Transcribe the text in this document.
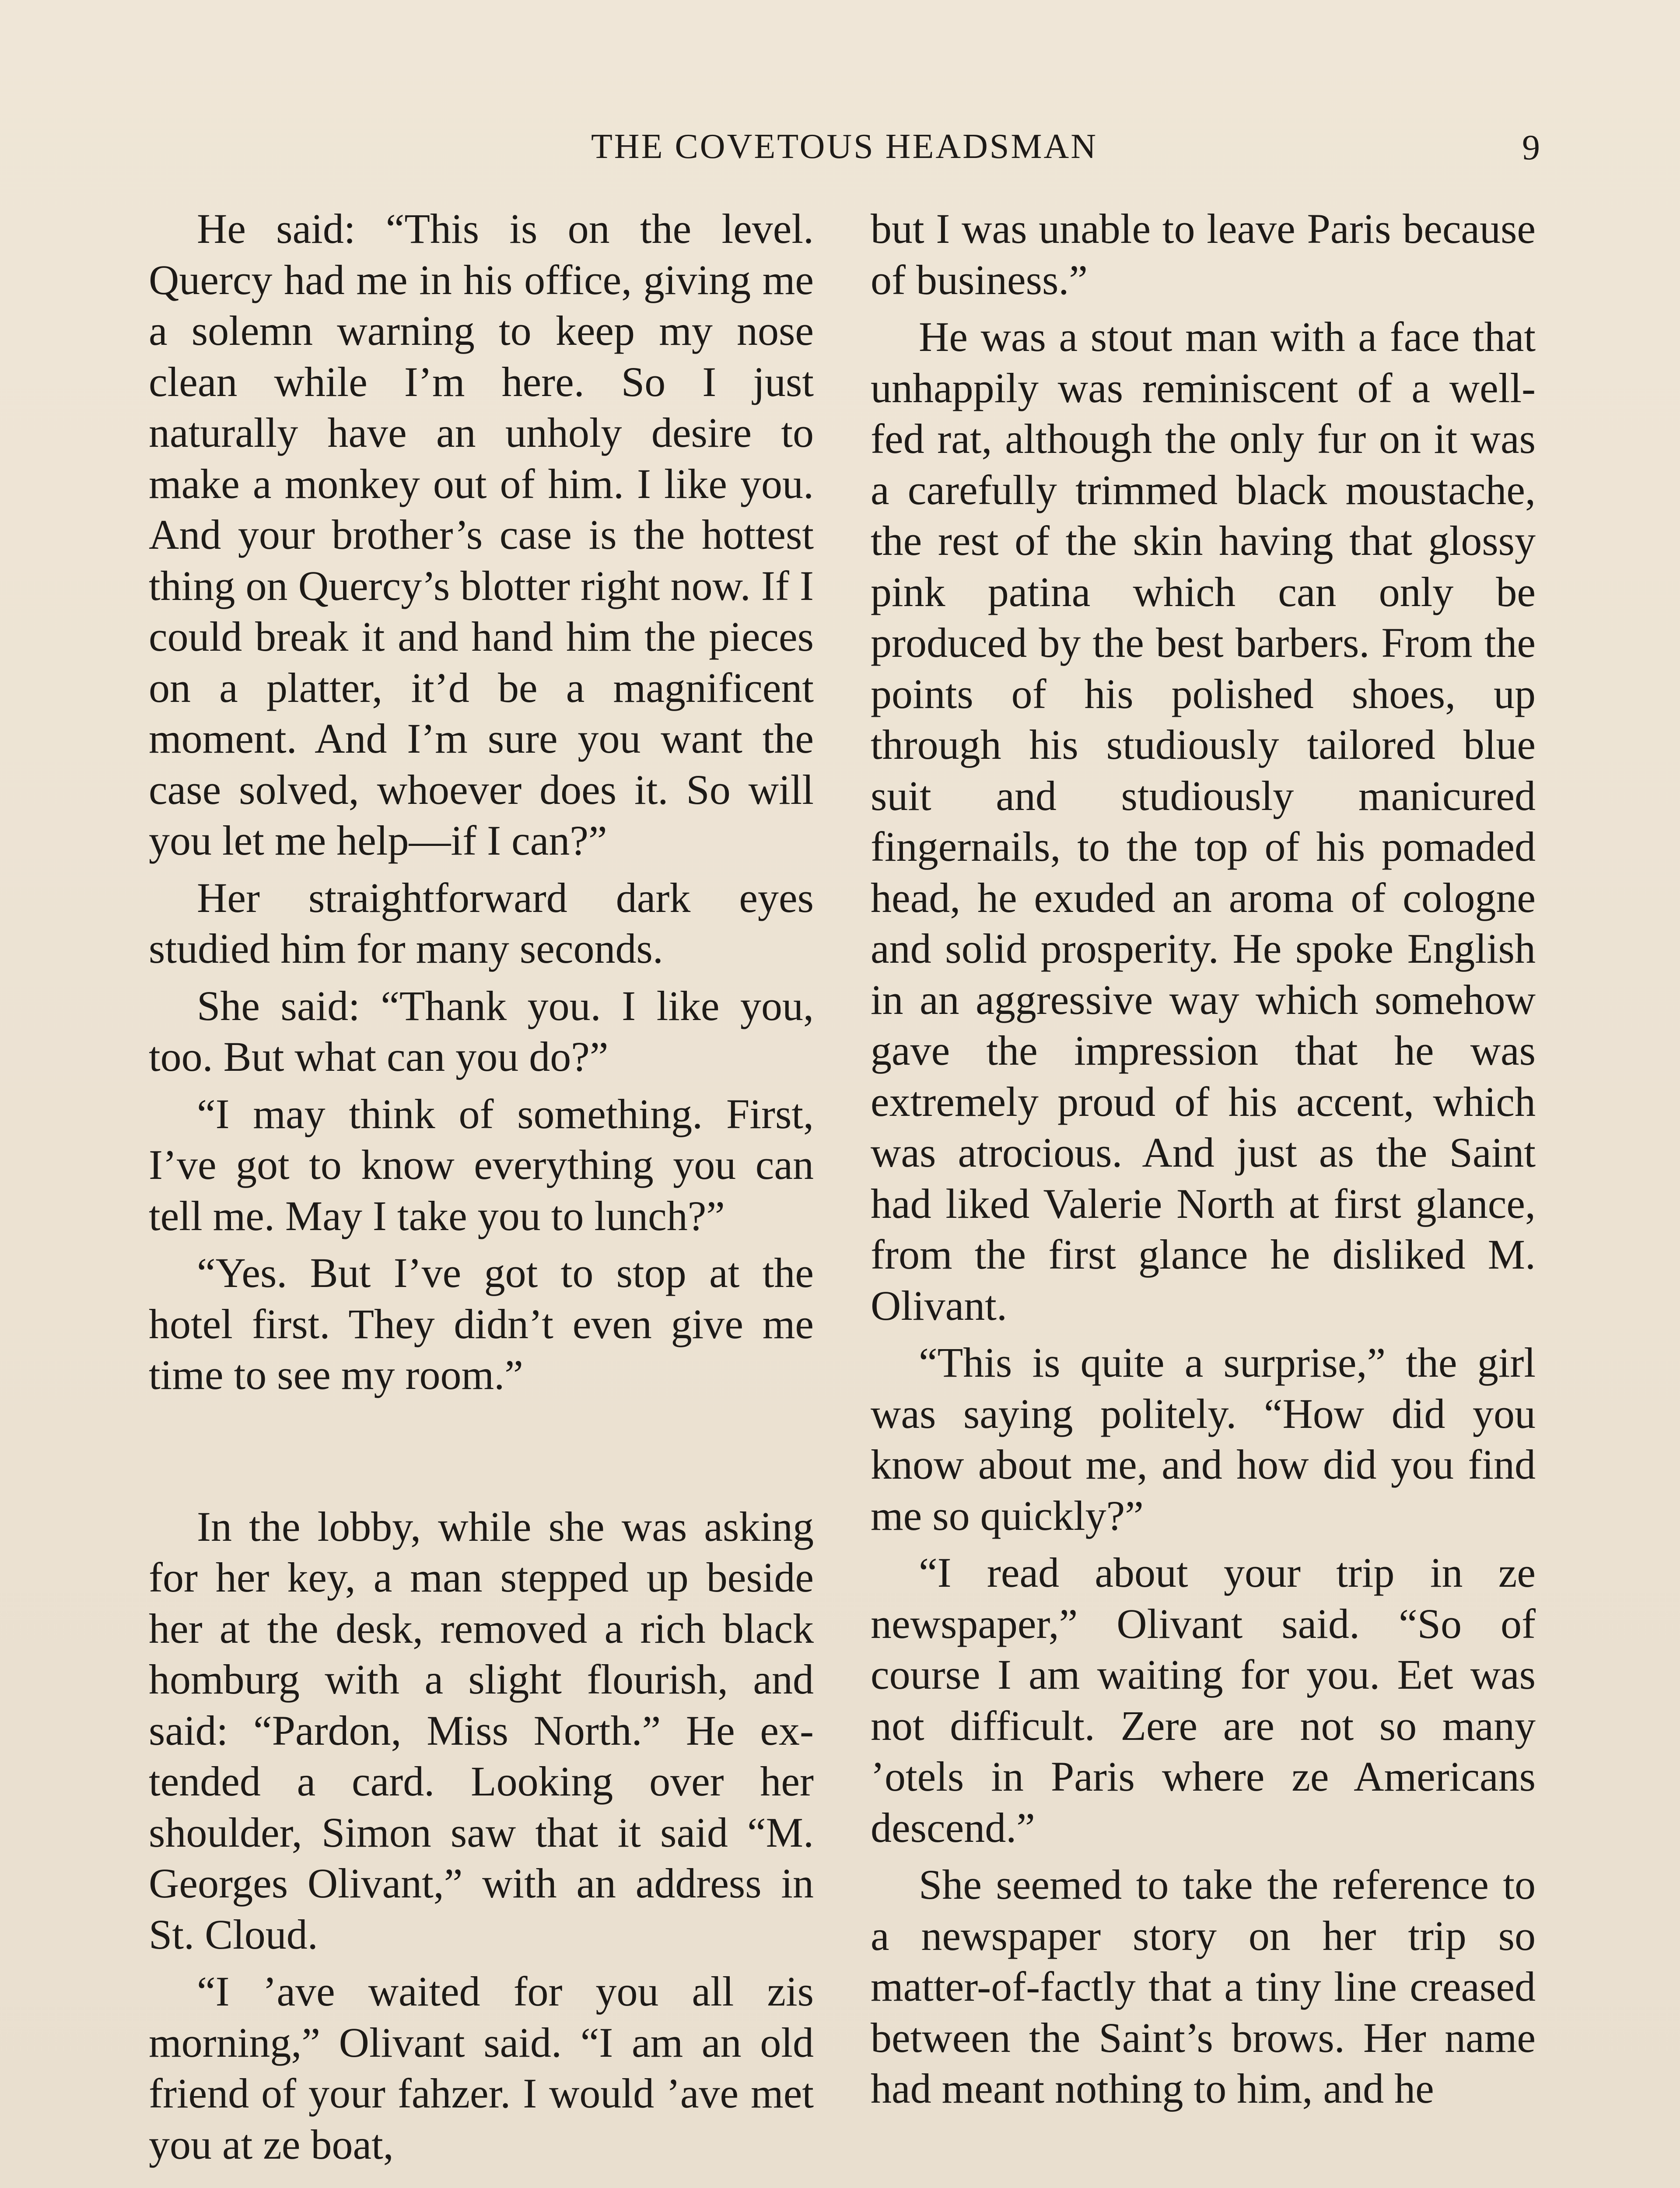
THE COVETOUS HEADSMAN	9

He said: “This is on the level. Quercy had me in his office, giving me a solemn warning to keep my nose clean while I’m here. So I just naturally have an unholy desire to make a monkey out of him. I like you. And your brother’s case is the hottest thing on Quercy’s blotter right now. If I could break it and hand him the pieces on a platter, it’d be a magnificent moment. And I’m sure you want the case solved, whoever does it. So will you let me help—if I can?”

Her straightforward dark eyes studied him for many seconds.

She said: “Thank you. I like you, too. But what can you do?”

“I may think of something. First, I’ve got to know everything you can tell me. May I take you to lunch?”

“Yes. But I’ve got to stop at the hotel first. They didn’t even give me time to see my room.”

In the lobby, while she was asking for her key, a man stepped up beside her at the desk, removed a rich black homburg with a slight flourish, and said: “Pardon, Miss North.” He extended a card. Looking over her shoulder, Simon saw that it said “M. Georges Olivant,” with an address in St. Cloud.

“I ’ave waited for you all zis morning,” Olivant said. “I am an old friend of your fahzer. I would ’ave met you at ze boat,

but I was unable to leave Paris because of business.”

He was a stout man with a face that unhappily was reminiscent of a well-fed rat, although the only fur on it was a carefully trimmed black moustache, the rest of the skin having that glossy pink patina which can only be produced by the best barbers. From the points of his polished shoes, up through his studiously tailored blue suit and studiously manicured fingernails, to the top of his pomaded head, he exuded an aroma of cologne and solid prosperity. He spoke English in an aggressive way which somehow gave the impression that he was extremely proud of his accent, which was atrocious. And just as the Saint had liked Valerie North at first glance, from the first glance he disliked M. Olivant.

“This is quite a surprise,” the girl was saying politely. “How did you know about me, and how did you find me so quickly?”

“I read about your trip in ze newspaper,” Olivant said. “So of course I am waiting for you. Eet was not difficult. Zere are not so many ’otels in Paris where ze Americans descend.”

She seemed to take the reference to a newspaper story on her trip so matter-of-factly that a tiny line creased between the Saint’s brows. Her name had meant nothing to him, and he
